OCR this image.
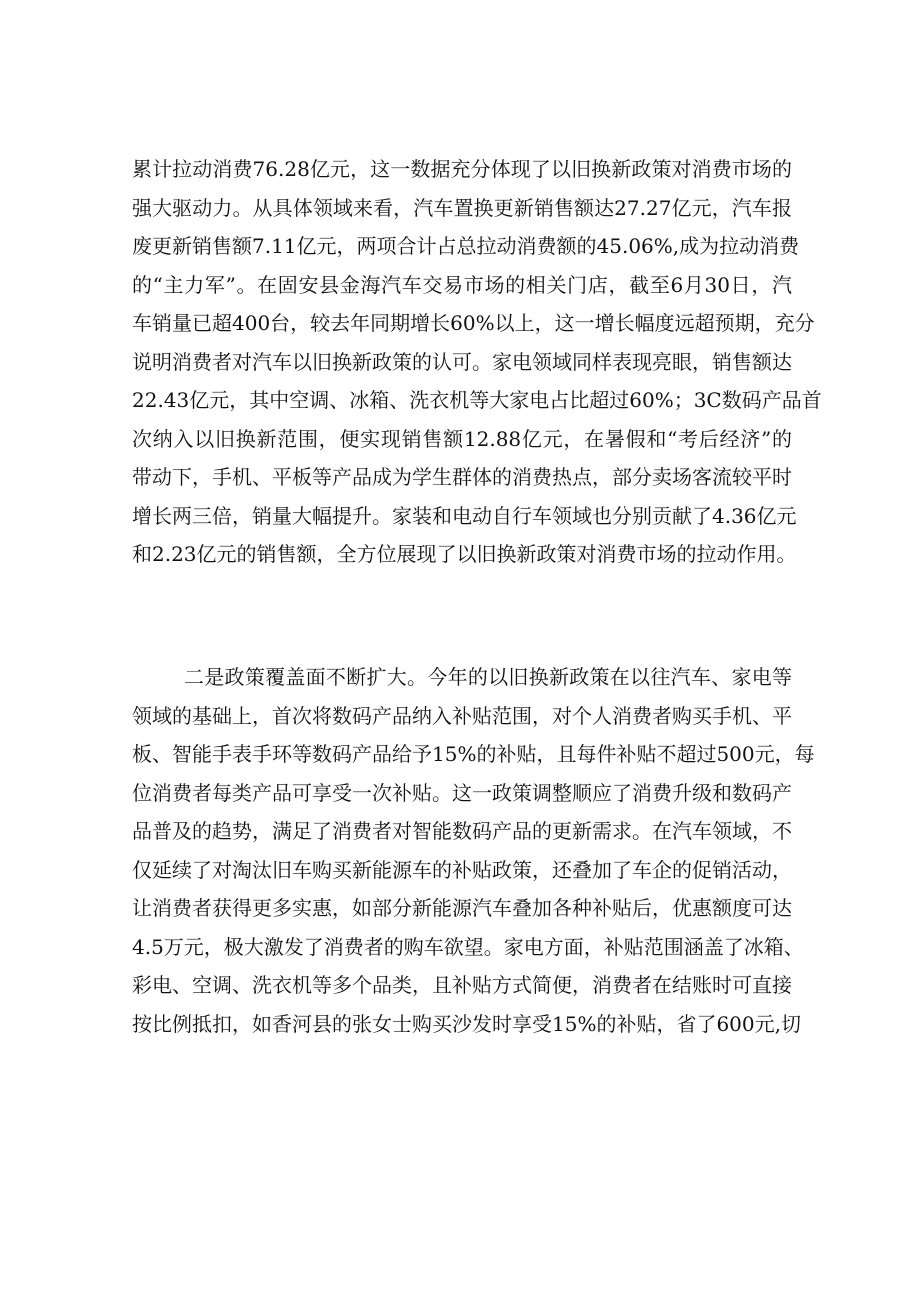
累计拉动消费76.28亿元，这一数据充分体现了以旧换新政策对消费市场的
强大驱动力。从具体领域来看，汽车置换更新销售额达27.27亿元，汽车报
废更新销售额7.11亿元，两项合计占总拉动消费额的45.06%,成为拉动消费
的“主力军”。在固安县金海汽车交易市场的相关门店，截至6月30日，汽
车销量已超400台，较去年同期增长60%以上，这一增长幅度远超预期，充分
说明消费者对汽车以旧换新政策的认可。家电领域同样表现亮眼，销售额达
22.43亿元，其中空调、冰箱、洗衣机等大家电占比超过60%；3C数码产品首
次纳入以旧换新范围，便实现销售额12.88亿元，在暑假和“考后经济”的
带动下，手机、平板等产品成为学生群体的消费热点，部分卖场客流较平时
增长两三倍，销量大幅提升。家装和电动自行车领域也分别贡献了4.36亿元
和2.23亿元的销售额，全方位展现了以旧换新政策对消费市场的拉动作用。
二是政策覆盖面不断扩大。今年的以旧换新政策在以往汽车、家电等
领域的基础上，首次将数码产品纳入补贴范围，对个人消费者购买手机、平
板、智能手表手环等数码产品给予15%的补贴，且每件补贴不超过500元，每
位消费者每类产品可享受一次补贴。这一政策调整顺应了消费升级和数码产
品普及的趋势，满足了消费者对智能数码产品的更新需求。在汽车领域，不
仅延续了对淘汰旧车购买新能源车的补贴政策，还叠加了车企的促销活动，
让消费者获得更多实惠，如部分新能源汽车叠加各种补贴后，优惠额度可达
4.5万元，极大激发了消费者的购车欲望。家电方面，补贴范围涵盖了冰箱、
彩电、空调、洗衣机等多个品类，且补贴方式简便，消费者在结账时可直接
按比例抵扣，如香河县的张女士购买沙发时享受15%的补贴，省了600元,切
